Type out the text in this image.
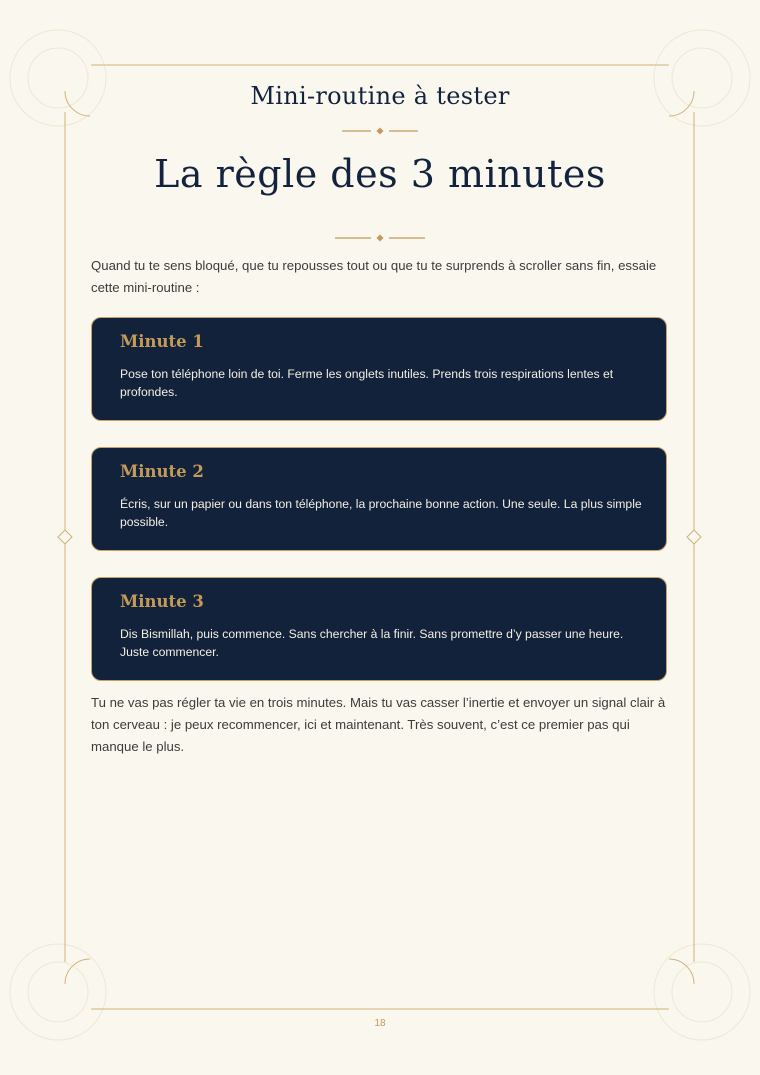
Mini-routine à tester
La règle des 3 minutes
Quand tu te sens bloqué, que tu repousses tout ou que tu te surprends à scroller sans fin, essaie cette mini-routine :
Minute 1
Pose ton téléphone loin de toi. Ferme les onglets inutiles. Prends trois respirations lentes et profondes.
Minute 2
Écris, sur un papier ou dans ton téléphone, la prochaine bonne action. Une seule. La plus simple possible.
Minute 3
Dis Bismillah, puis commence. Sans chercher à la finir. Sans promettre d’y passer une heure. Juste commencer.
Tu ne vas pas régler ta vie en trois minutes. Mais tu vas casser l’inertie et envoyer un signal clair à ton cerveau : je peux recommencer, ici et maintenant. Très souvent, c’est ce premier pas qui manque le plus.
18
